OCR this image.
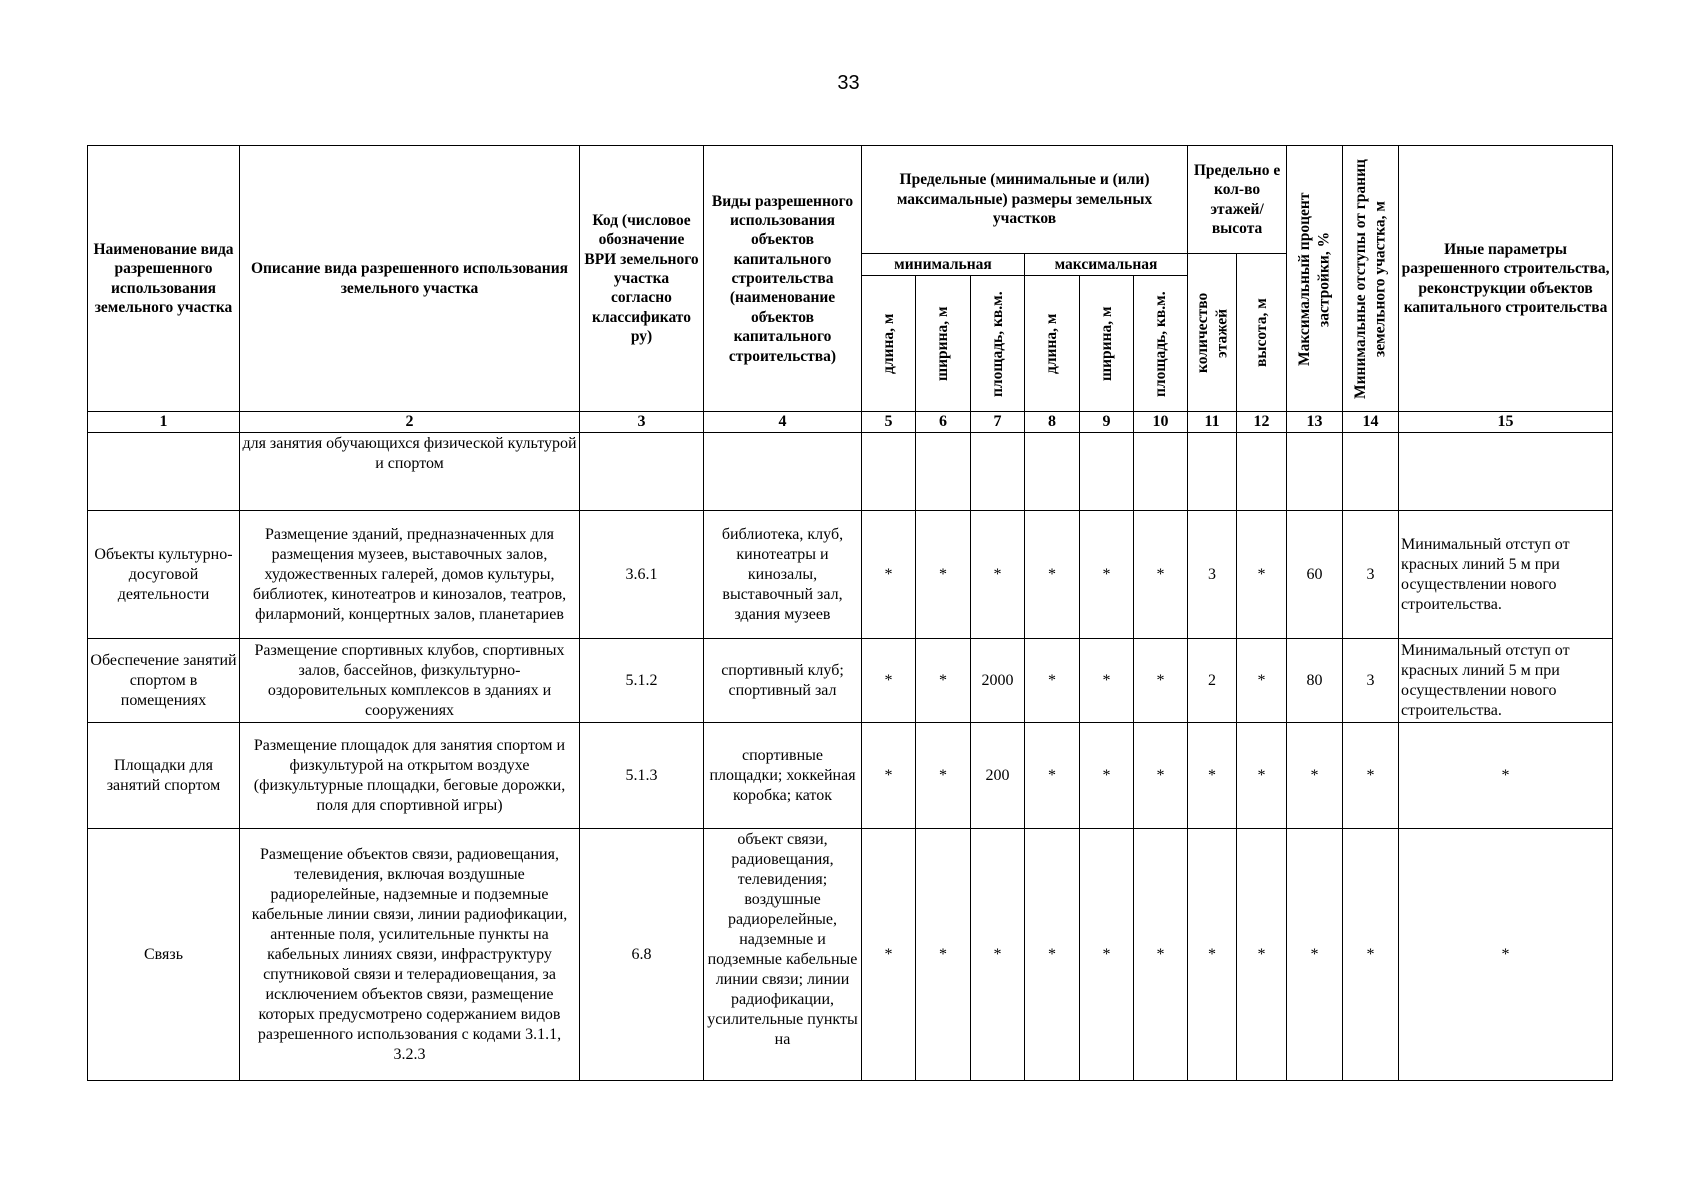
33
Наименование вида разрешенного использования земельного участка	Описание вида разрешенного использования земельного участка	Код (числовое обозначение ВРИ земельного участка согласно классификато ру)	Виды разрешенного использования объектов капитального строительства (наименование объектов капитального строительства)	Предельные (минимальные и (или) максимальные) размеры земельных участков						Предельно е кол-во этажей/ высота		Максимальный процент застройки, %	Минимальные отступы от границ земельного участка, м	Иные параметры разрешенного строительства, реконструкции объектов капитального строительства
				минимальная			максимальная			количество этажей	высота, м			

				длина, м	ширина, м	площадь, кв.м.	длина, м	ширина, м	площадь, кв.м.					

1	2	3	4	5	6	7	8	9	10	11	12	13	14	15
	для занятия обучающихся физической культурой и спортом													
Объекты культурно-досуговой деятельности	Размещение зданий, предназначенных для размещения музеев, выставочных залов, художественных галерей, домов культуры, библиотек, кинотеатров и кинозалов, театров, филармоний, концертных залов, планетариев	3.6.1	библиотека, клуб, кинотеатры и кинозалы, выставочный зал, здания музеев	*	*	*	*	*	*	3	*	60	3	Минимальный отступ от красных линий 5 м при осуществлении нового строительства.
Обеспечение занятий спортом в помещениях	Размещение спортивных клубов, спортивных залов, бассейнов, физкультурно-оздоровительных комплексов в зданиях и сооружениях	5.1.2	спортивный клуб; спортивный зал	*	*	2000	*	*	*	2	*	80	3	Минимальный отступ от красных линий 5 м при осуществлении нового строительства.
Площадки для занятий спортом	Размещение площадок для занятия спортом и физкультурой на открытом воздухе (физкультурные площадки, беговые дорожки, поля для спортивной игры)	5.1.3	спортивные площадки; хоккейная коробка; каток	*	*	200	*	*	*	*	*	*	*	*
Связь	Размещение объектов связи, радиовещания, телевидения, включая воздушные радиорелейные, надземные и подземные кабельные линии связи, линии радиофикации, антенные поля, усилительные пункты на кабельных линиях связи, инфраструктуру спутниковой связи и телерадиовещания, за исключением объектов связи, размещение которых предусмотрено содержанием видов разрешенного использования с кодами 3.1.1, 3.2.3	6.8	объект связи, радиовещания, телевидения; воздушные радиорелейные, надземные и подземные кабельные линии связи; линии радиофикации, усилительные пункты на	*	*	*	*	*	*	*	*	*	*	*
